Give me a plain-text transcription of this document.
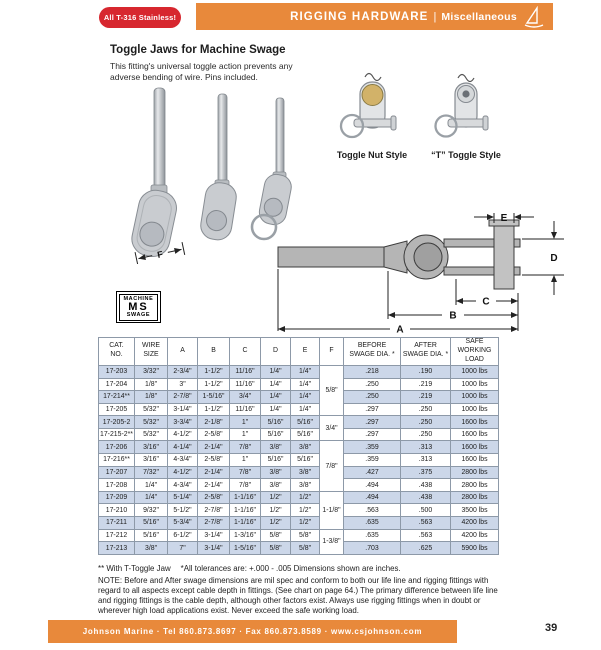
All T-316 Stainless!	RIGGING HARDWARE | Miscellaneous
Toggle Jaws for Machine Swage
This fitting's universal toggle action prevents any
adverse bending of wire. Pins included.
F
Toggle Nut Style	“T” Toggle Style
MACHINE
MS
SWAGE
E
D
C
B
A
CAT.
NO.	WIRE
SIZE	A	B	C	D	E	F	BEFORE
SWAGE DIA. *	AFTER
SWAGE DIA. *	SAFE WORKING
LOAD
17-203	3/32"	2-3/4"	1-1/2"	11/16"	1/4"	1/4"	5/8"	.218	.190	1000 lbs
17-204	1/8"	3"	1-1/2"	11/16"	1/4"	1/4"		.250	.219	1000 lbs
17-214**	1/8"	2-7/8"	1-5/16"	3/4"	1/4"	1/4"		.250	.219	1000 lbs
17-205	5/32"	3-1/4"	1-1/2"	11/16"	1/4"	1/4"		.297	.250	1000 lbs
17-205-2	5/32"	3-3/4"	2-1/8"	1"	5/16"	5/16"	3/4"	.297	.250	1600 lbs
17-215-2**	5/32"	4-1/2"	2-5/8"	1"	5/16"	5/16"		.297	.250	1600 lbs
17-206	3/16"	4-1/4"	2-1/4"	7/8"	3/8"	3/8"	7/8"	.359	.313	1600 lbs
17-216**	3/16"	4-3/4"	2-5/8"	1"	5/16"	5/16"		.359	.313	1600 lbs
17-207	7/32"	4-1/2"	2-1/4"	7/8"	3/8"	3/8"		.427	.375	2800 lbs
17-208	1/4"	4-3/4"	2-1/4"	7/8"	3/8"	3/8"		.494	.438	2800 lbs
17-209	1/4"	5-1/4"	2-5/8"	1-1/16"	1/2"	1/2"	1-1/8"	.494	.438	2800 lbs
17-210	9/32"	5-1/2"	2-7/8"	1-1/16"	1/2"	1/2"		.563	.500	3500 lbs
17-211	5/16"	5-3/4"	2-7/8"	1-1/16"	1/2"	1/2"		.635	.563	4200 lbs
17-212	5/16"	6-1/2"	3-1/4"	1-3/16"	5/8"	5/8"	1-3/8"	.635	.563	4200 lbs
17-213	3/8"	7"	3-1/4"	1-5/16"	5/8"	5/8"		.703	.625	5900 lbs
** With T-Toggle Jaw *All tolerances are: +.000 - .005 Dimensions shown are inches.
NOTE: Before and After swage dimensions are mil spec and conform to both our life line and rigging fittings with regard to all aspects except cable depth in fittings. (See chart on page 64.) The primary difference between life line and rigging fittings is the cable depth, although other factors exist. Always use rigging fittings when in doubt or wherever high load applications exist. Never exceed the safe working load.
Johnson Marine · Tel 860.873.8697 · Fax 860.873.8589 · www.csjohnson.com	39
